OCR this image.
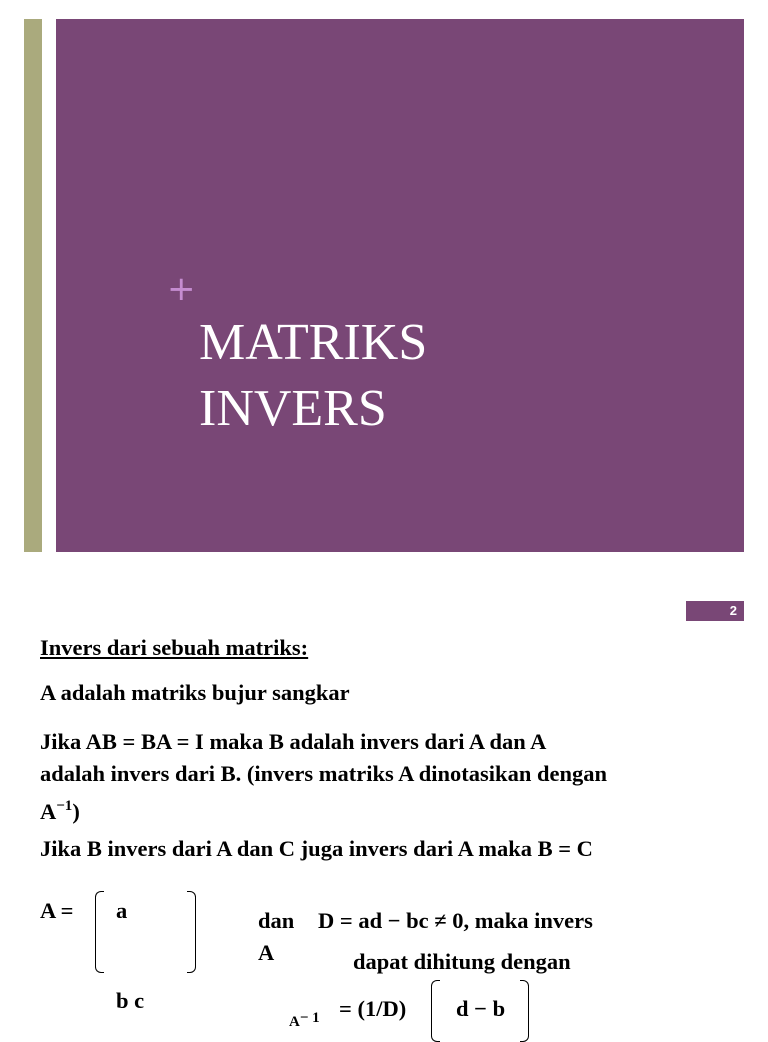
+
MATRIKS
INVERS
2
Invers dari sebuah matriks:
A adalah matriks bujur sangkar
Jika AB = BA = I maka B adalah invers dari A dan A
adalah invers dari B. (invers matriks A dinotasikan dengan
$A^{-1}$)
Jika B invers dari A dan C juga invers dari A maka B = C
A = a
b c
dan D = ad − bc ≠ 0, maka invers
A	dapat dihitung dengan
A− 1 = (1/D) d − b
